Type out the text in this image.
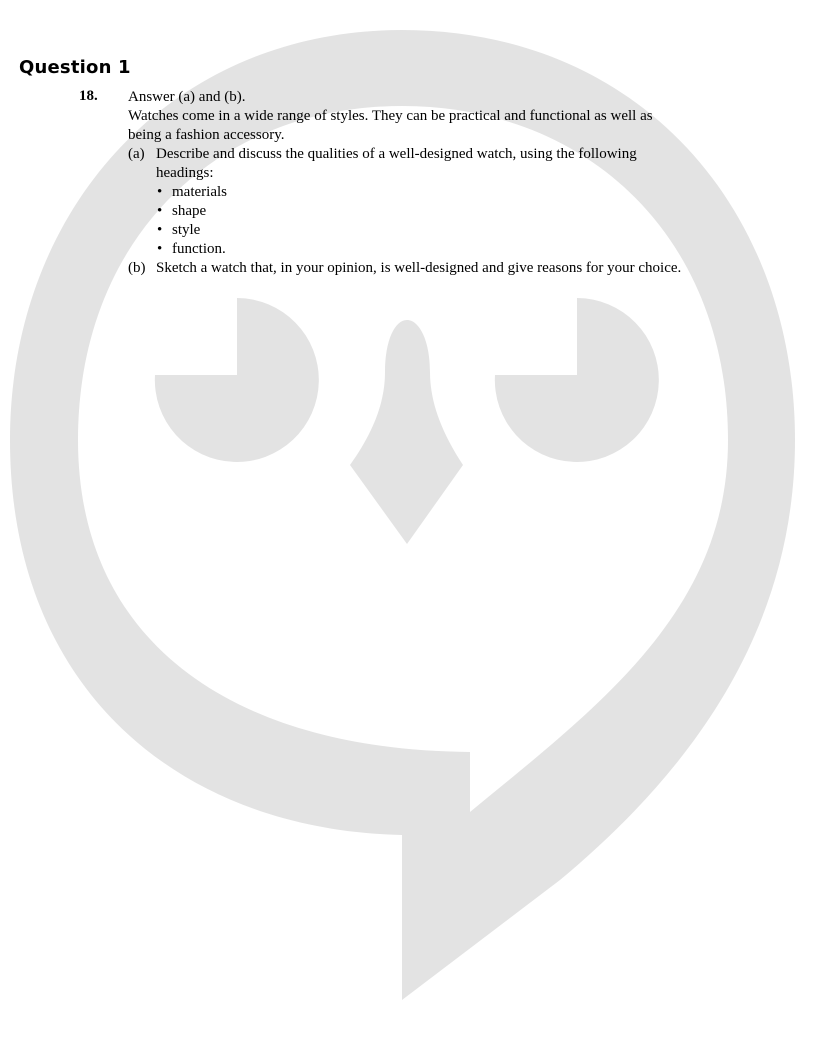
Question 1
18. Answer (a) and (b).
Watches come in a wide range of styles. They can be practical and functional as well as
being a fashion accessory.
(a) Describe and discuss the qualities of a well-designed watch, using the following
headings:
• materials
• shape
• style
• function.
(b) Sketch a watch that, in your opinion, is well-designed and give reasons for your choice.
